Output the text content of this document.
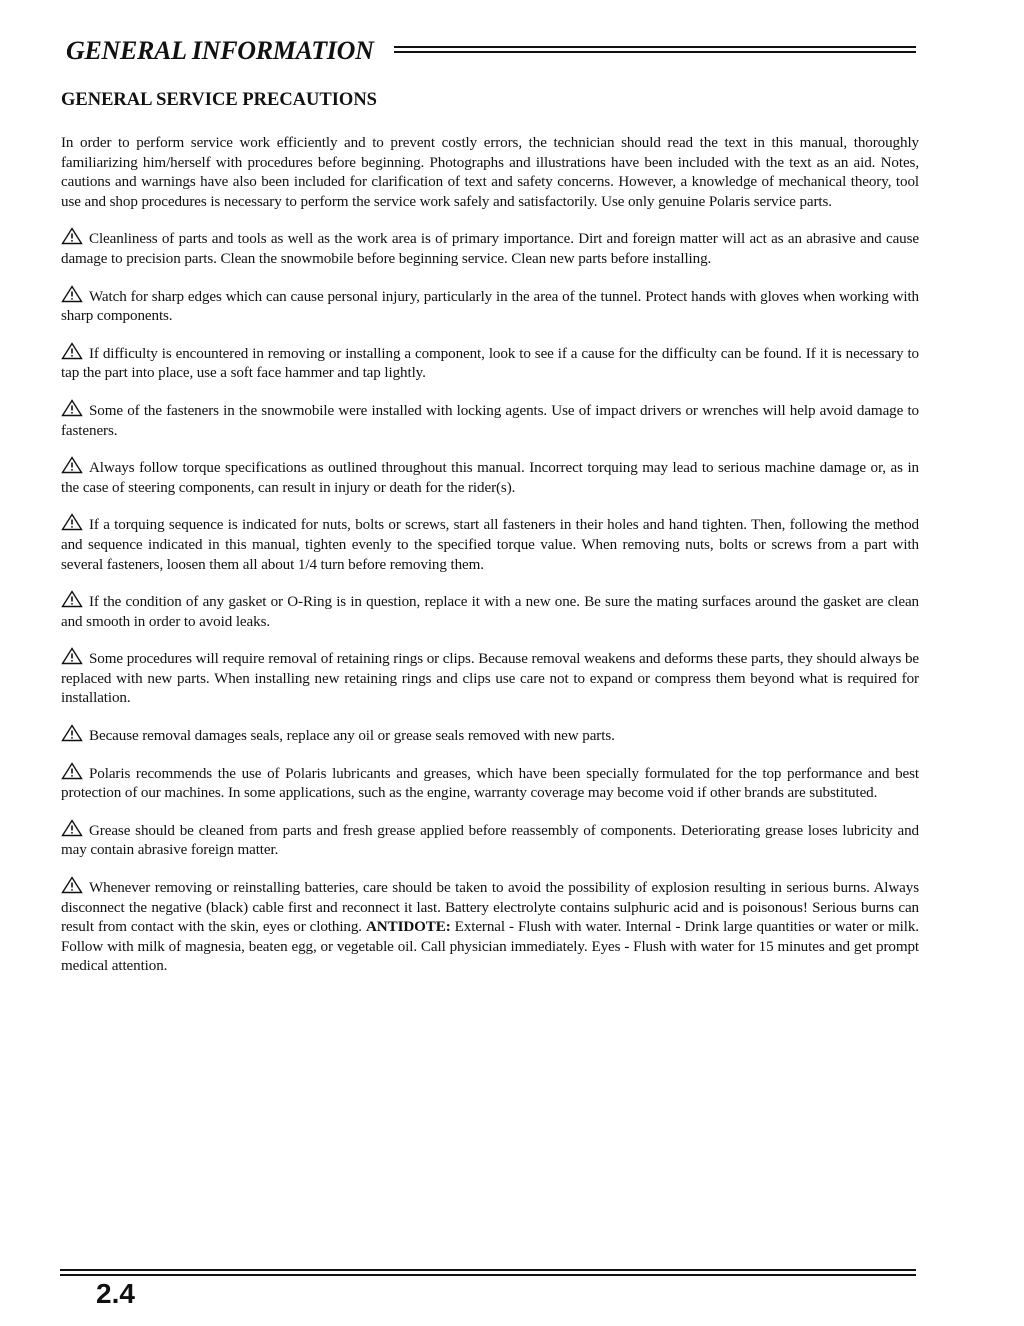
GENERAL INFORMATION
GENERAL SERVICE PRECAUTIONS

In order to perform service work efficiently and to prevent costly errors, the technician should read the text in this manual, thoroughly familiarizing him/herself with procedures before beginning. Photographs and illustrations have been included with the text as an aid. Notes, cautions and warnings have also been included for clarification of text and safety concerns. However, a knowledge of mechanical theory, tool use and shop procedures is necessary to perform the service work safely and satisfactorily. Use only genuine Polaris service parts.

Cleanliness of parts and tools as well as the work area is of primary importance. Dirt and foreign matter will act as an abrasive and cause damage to precision parts. Clean the snowmobile before beginning service. Clean new parts before installing.

Watch for sharp edges which can cause personal injury, particularly in the area of the tunnel. Protect hands with gloves when working with sharp components.

If difficulty is encountered in removing or installing a component, look to see if a cause for the difficulty can be found. If it is necessary to tap the part into place, use a soft face hammer and tap lightly.

Some of the fasteners in the snowmobile were installed with locking agents. Use of impact drivers or wrenches will help avoid damage to fasteners.

Always follow torque specifications as outlined throughout this manual. Incorrect torquing may lead to serious machine damage or, as in the case of steering components, can result in injury or death for the rider(s).

If a torquing sequence is indicated for nuts, bolts or screws, start all fasteners in their holes and hand tighten. Then, following the method and sequence indicated in this manual, tighten evenly to the specified torque value. When removing nuts, bolts or screws from a part with several fasteners, loosen them all about 1/4 turn before removing them.

If the condition of any gasket or O-Ring is in question, replace it with a new one. Be sure the mating surfaces around the gasket are clean and smooth in order to avoid leaks.

Some procedures will require removal of retaining rings or clips. Because removal weakens and deforms these parts, they should always be replaced with new parts. When installing new retaining rings and clips use care not to expand or compress them beyond what is required for installation.

Because removal damages seals, replace any oil or grease seals removed with new parts.

Polaris recommends the use of Polaris lubricants and greases, which have been specially formulated for the top performance and best protection of our machines. In some applications, such as the engine, warranty coverage may become void if other brands are substituted.

Grease should be cleaned from parts and fresh grease applied before reassembly of components. Deteriorating grease loses lubricity and may contain abrasive foreign matter.

Whenever removing or reinstalling batteries, care should be taken to avoid the possibility of explosion resulting in serious burns. Always disconnect the negative (black) cable first and reconnect it last. Battery electrolyte contains sulphuric acid and is poisonous! Serious burns can result from contact with the skin, eyes or clothing. ANTIDOTE: External - Flush with water. Internal - Drink large quantities or water or milk. Follow with milk of magnesia, beaten egg, or vegetable oil. Call physician immediately. Eyes - Flush with water for 15 minutes and get prompt medical attention.

2.4
